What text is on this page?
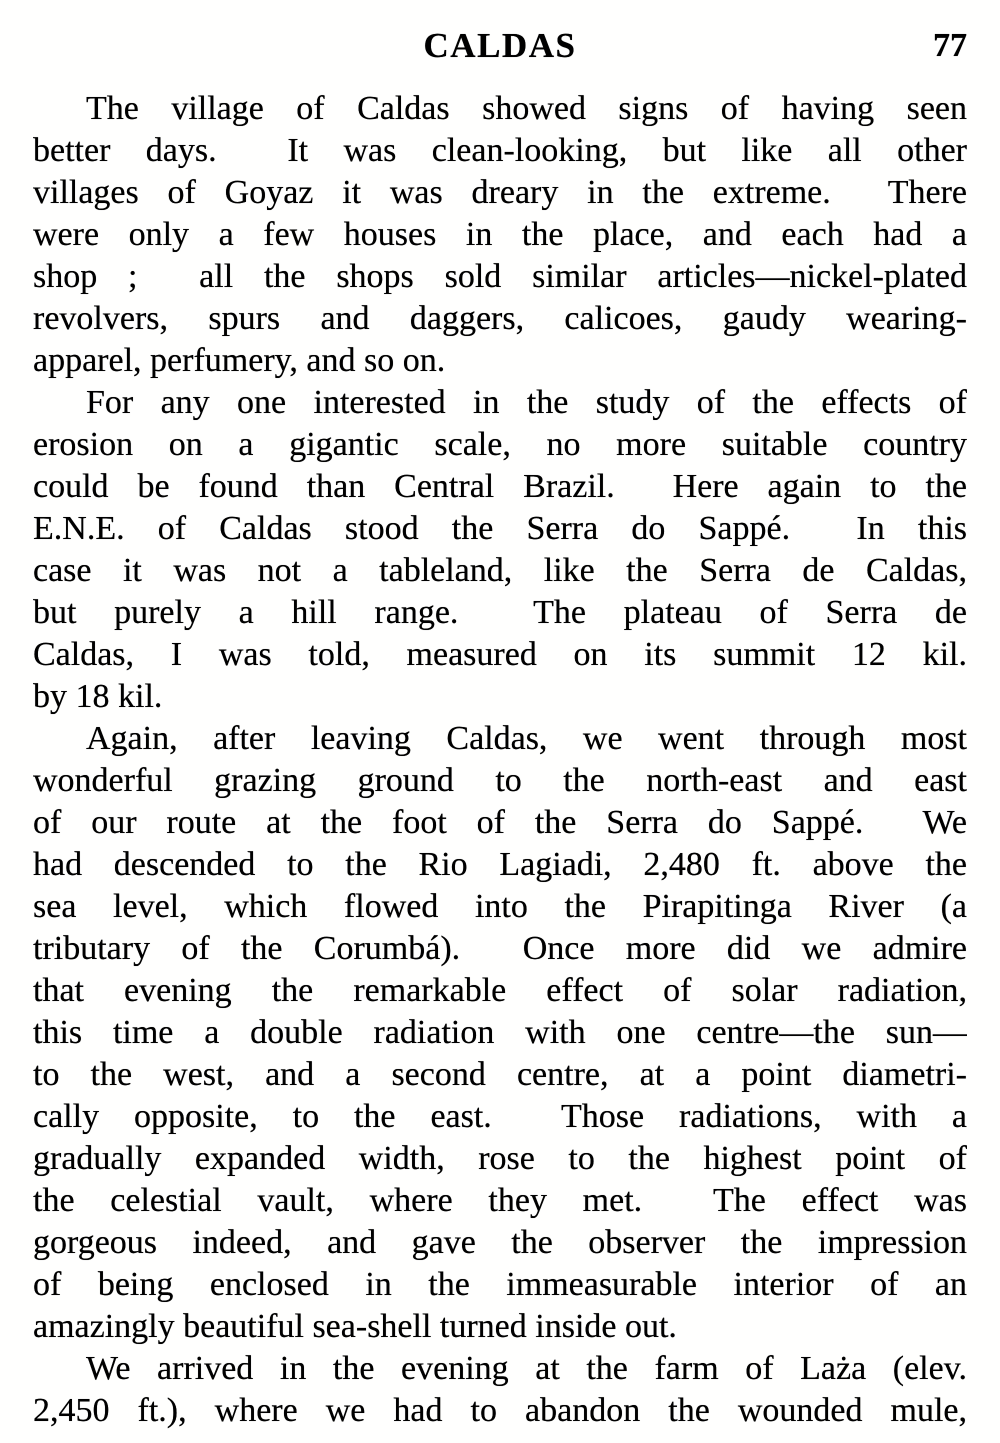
CALDAS	77
The village of Caldas showed signs of having seen
better days.  It was clean-looking, but like all other
villages of Goyaz it was dreary in the extreme.  There
were only a few houses in the place, and each had a
shop ;  all the shops sold similar articles—nickel-plated
revolvers, spurs and daggers, calicoes, gaudy wearing-
apparel, perfumery, and so on.
For any one interested in the study of the effects of
erosion on a gigantic scale, no more suitable country
could be found than Central Brazil.  Here again to the
E.N.E. of Caldas stood the Serra do Sappé.  In this
case it was not a tableland, like the Serra de Caldas,
but purely a hill range.  The plateau of Serra de
Caldas, I was told, measured on its summit 12 kil.
by 18 kil.
Again, after leaving Caldas, we went through most
wonderful grazing ground to the north-east and east
of our route at the foot of the Serra do Sappé.  We
had descended to the Rio Lagiadi, 2,480 ft. above the
sea level, which flowed into the Pirapitinga River (a
tributary of the Corumbá).  Once more did we admire
that evening the remarkable effect of solar radiation,
this time a double radiation with one centre—the sun—
to the west, and a second centre, at a point diametri-
cally opposite, to the east.  Those radiations, with a
gradually expanded width, rose to the highest point of
the celestial vault, where they met.  The effect was
gorgeous indeed, and gave the observer the impression
of being enclosed in the immeasurable interior of an
amazingly beautiful sea-shell turned inside out.
We arrived in the evening at the farm of Laża (elev.
2,450 ft.), where we had to abandon the wounded mule,
